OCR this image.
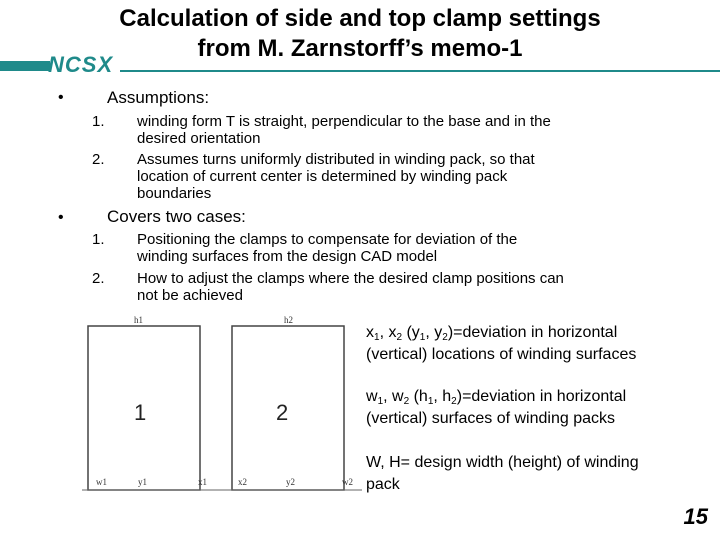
Calculation of side and top clamp settings
from M. Zarnstorff’s memo-1
NCSX
•	Assumptions:
1. winding form T is straight, perpendicular to the base and in the
desired orientation
2. Assumes turns uniformly distributed in winding pack, so that
location of current center is determined by winding pack
boundaries
•	Covers two cases:
1. Positioning the clamps to compensate for deviation of the
winding surfaces from the design CAD model
2. How to adjust the clamps where the desired clamp positions can
not be achieved
h1	h2
1	2
w1	y1	x1	x2	y2	w2
$x_1$, $x_2$ ($y_1$, $y_2)=deviation$ in horizontal
(vertical) locations of winding surfaces
$w_1$, $w_2$ ($h_1$, $h_2)=deviation$ in horizontal
(vertical) surfaces of winding packs
W, H= design width (height) of winding
pack
15
